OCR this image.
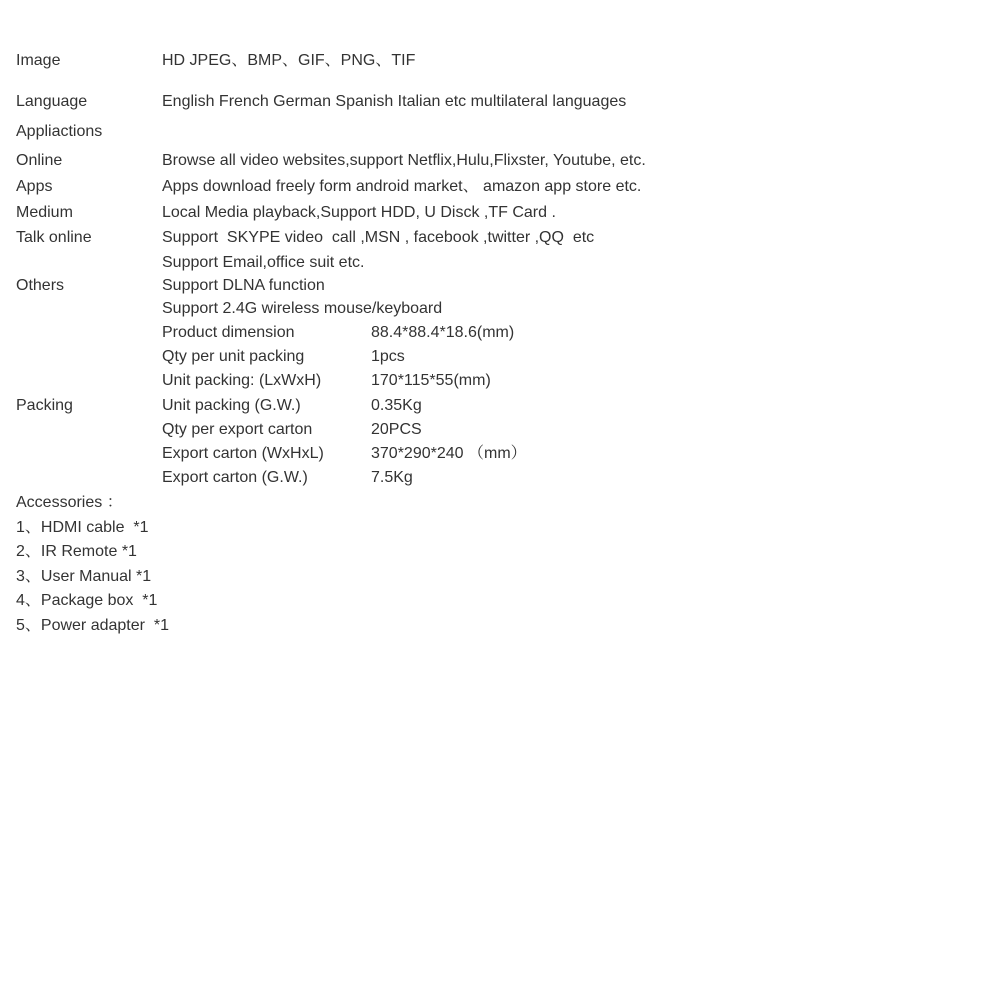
Image	HD JPEG、BMP、GIF、PNG、TIF
Language	English French German Spanish Italian etc multilateral languages
Appliactions
Online	Browse all video websites,support Netflix,Hulu,Flixster, Youtube, etc.
Apps	Apps download freely form android market、 amazon app store etc.
Medium	Local Media playback,Support HDD, U Disck ,TF Card .
Talk online	Support  SKYPE video  call ,MSN , facebook ,twitter ,QQ  etc
Support Email,office suit etc.
Others	Support DLNA function
Support 2.4G wireless mouse/keyboard
Product dimension	88.4*88.4*18.6(mm)
Qty per unit packing	1pcs
Unit packing: (LxWxH)	170*115*55(mm)
Packing	Unit packing (G.W.)	0.35Kg
Qty per export carton	20PCS
Export carton (WxHxL)	370*290*240 （mm）
Export carton (G.W.)	7.5Kg
Accessories ：
1、HDMI cable  *1
2、IR Remote *1
3、User Manual *1
4、Package box  *1
5、Power adapter  *1
